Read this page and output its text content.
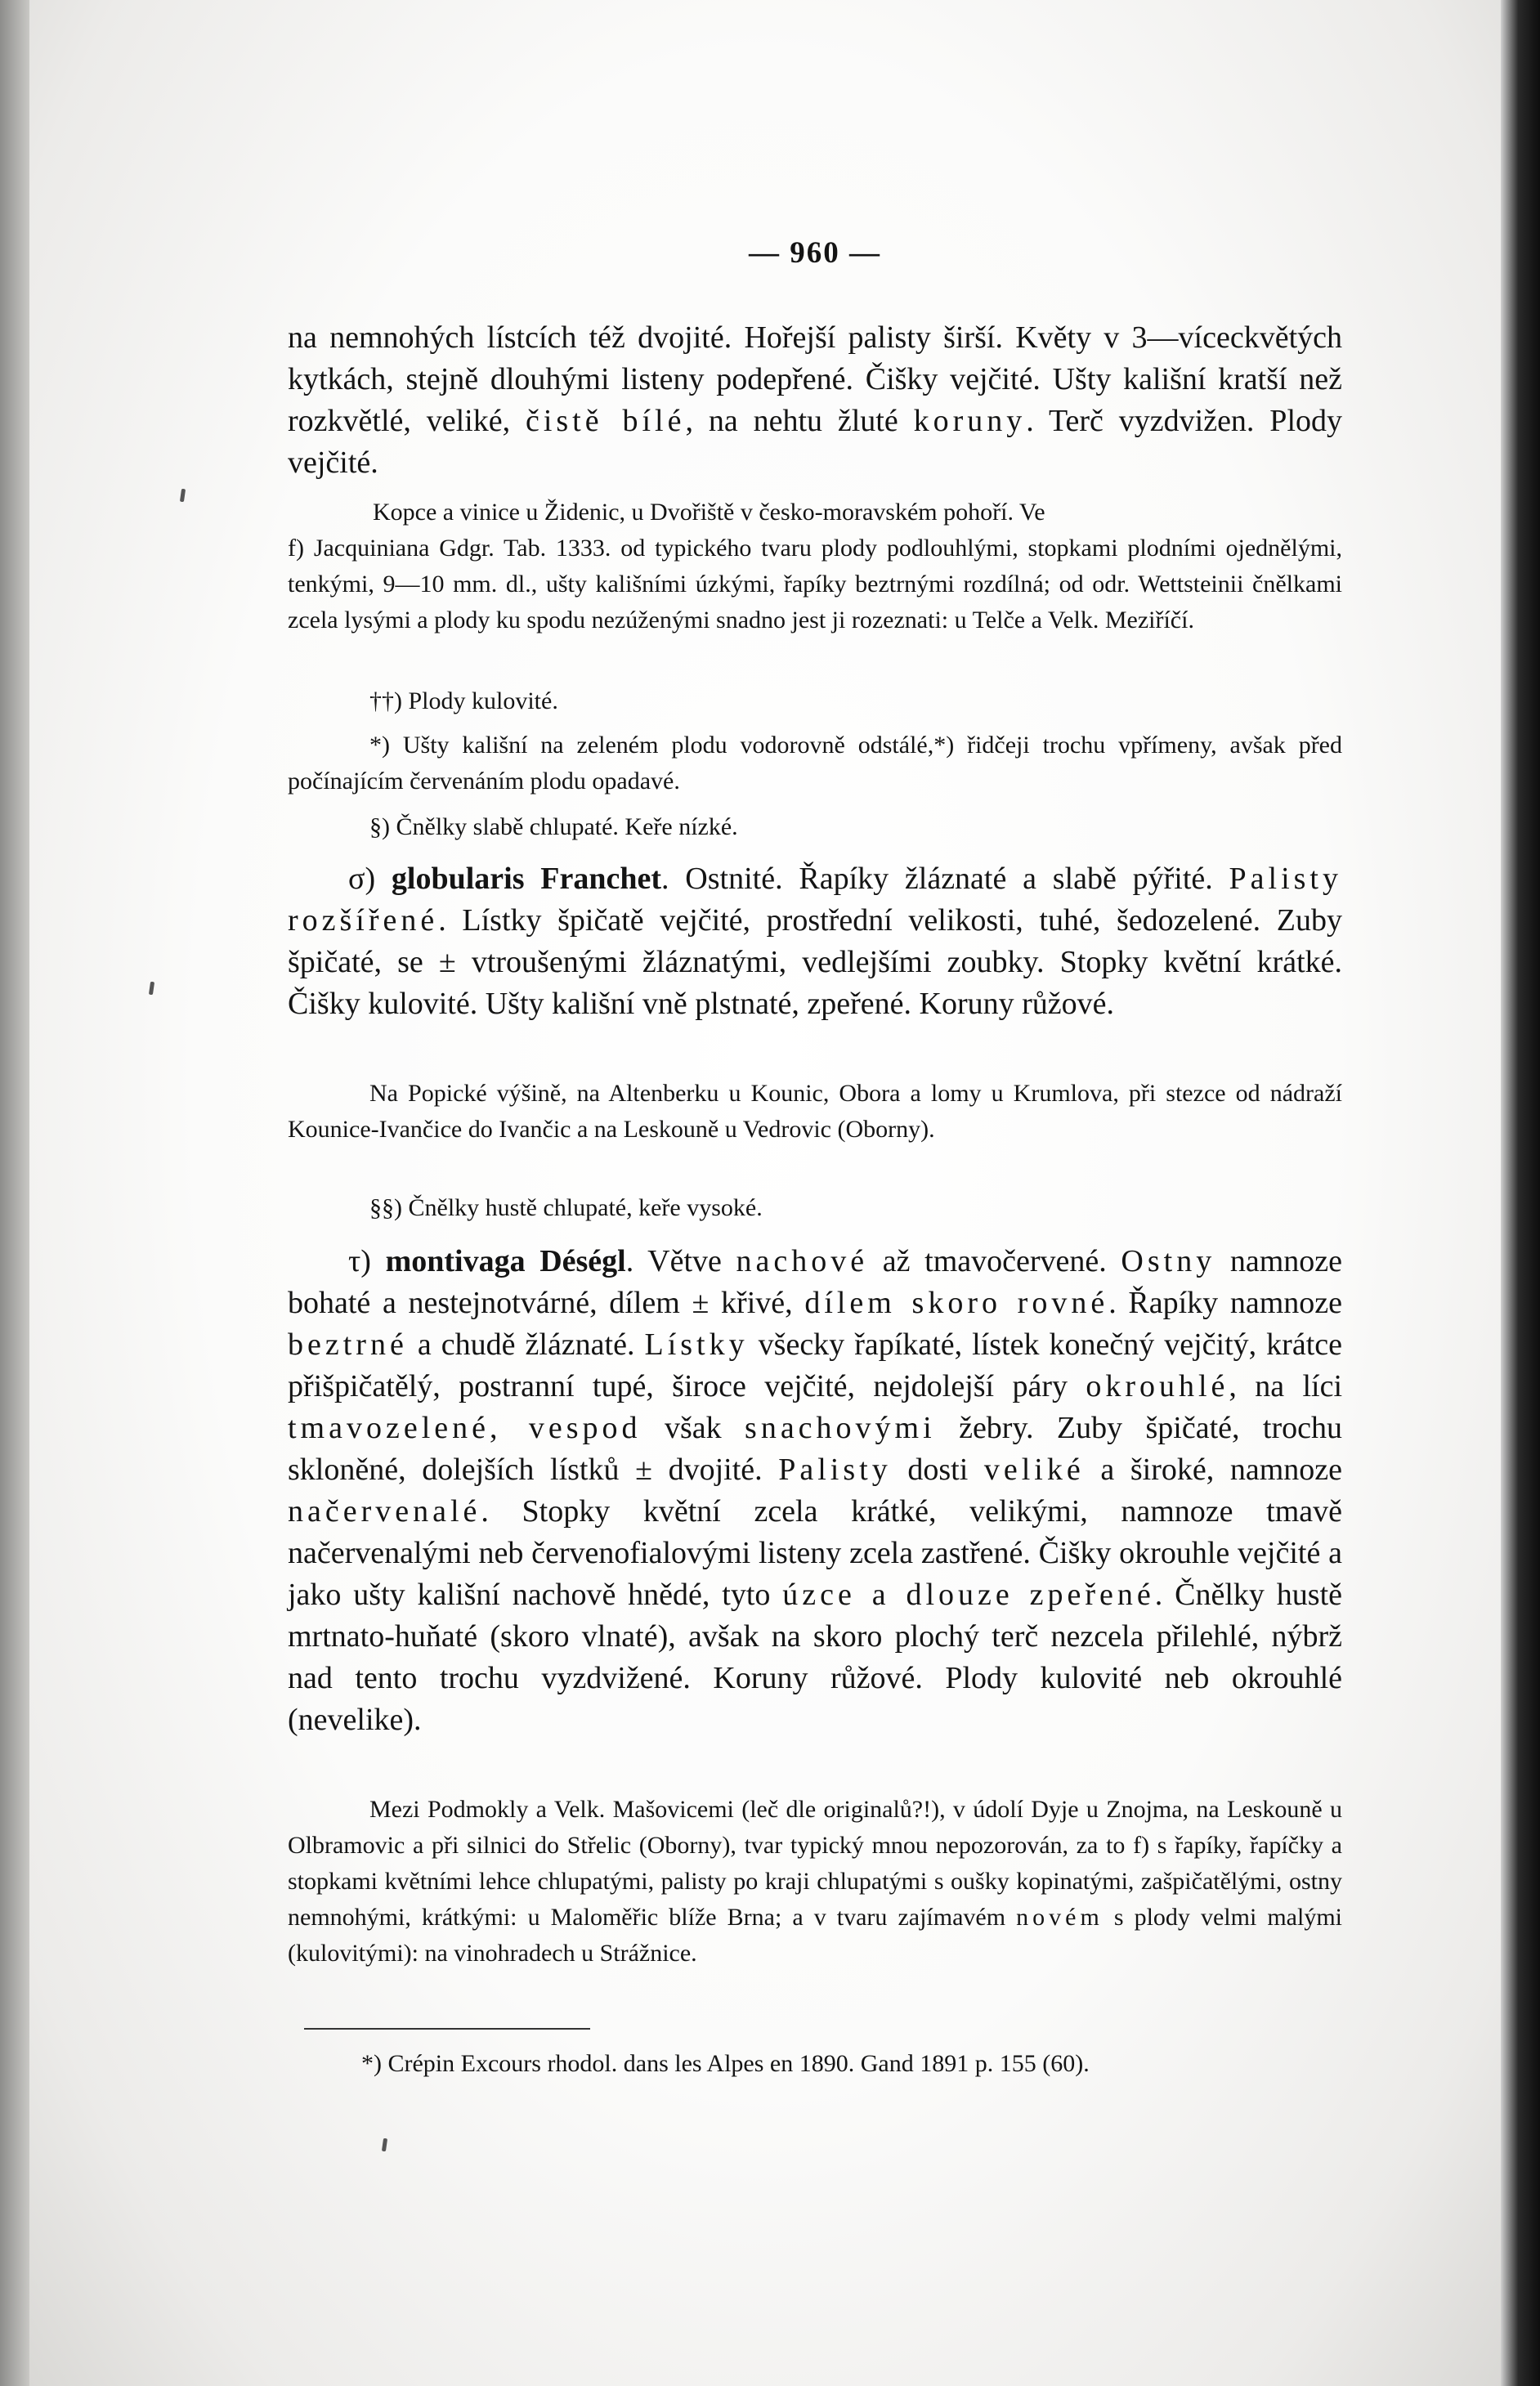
— 960 —

na nemnohých lístcích též dvojité. Hořejší palisty širší. Květy v 3—víceckvětých kytkách, stejně dlouhými listeny podepřené. Čišky vejčité. Ušty kališní kratší než rozkvětlé, veliké, čistě bílé, na nehtu žluté koruny. Terč vyzdvižen. Plody vejčité.

Kopce a vinice u Židenic, u Dvořiště v česko-moravském pohoří. Ve

f) Jacquiniana Gdgr. Tab. 1333. od typického tvaru plody podlouhlými, stopkami plodními ojednělými, tenkými, 9—10 mm. dl., ušty kališními úzkými, řapíky beztrnými rozdílná; od odr. Wettsteinii čnělkami zcela lysými a plody ku spodu nezúženými snadno jest ji rozeznati: u Telče a Velk. Meziříčí.

††) Plody kulovité.

*) Ušty kališní na zeleném plodu vodorovně odstálé,*) řidčeji trochu vpřímeny, avšak před počínajícím červenáním plodu opadavé.

§) Čnělky slabě chlupaté. Keře nízké.

σ) globularis Franchet. Ostnité. Řapíky žláznaté a slabě pýřité. Palisty rozšířené. Lístky špičatě vejčité, prostřední velikosti, tuhé, šedozelené. Zuby špičaté, se ± vtroušenými žláznatými, vedlejšími zoubky. Stopky květní krátké. Čišky kulovité. Ušty kališní vně plstnaté, zpeřené. Koruny růžové.

Na Popické výšině, na Altenberku u Kounic, Obora a lomy u Krumlova, při stezce od nádraží Kounice-Ivančice do Ivančic a na Leskouně u Vedrovic (Oborny).

§§) Čnělky hustě chlupaté, keře vysoké.

τ) montivaga Déségl. Větve nachové až tmavočervené. Ostny namnoze bohaté a nestejnotvárné, dílem ± křivé, dílem skoro rovné. Řapíky namnoze beztrné a chudě žláznaté. Lístky všecky řapíkaté, lístek konečný vejčitý, krátce přišpičatělý, postranní tupé, široce vejčité, nejdolejší páry okrouhlé, na líci tmavozelené, vespod však snachovými žebry. Zuby špičaté, trochu skloněné, dolejších lístků ± dvojité. Palisty dosti veliké a široké, namnoze načervenalé. Stopky květní zcela krátké, velikými, namnoze tmavě načervenalými neb červenofialovými listeny zcela zastřené. Čišky okrouhle vejčité a jako ušty kališní nachově hnědé, tyto úzce a dlouze zpeřené. Čnělky hustě mrtnato-huňaté (skoro vlnaté), avšak na skoro plochý terč nezcela přilehlé, nýbrž nad tento trochu vyzdvižené. Koruny růžové. Plody kulovité neb okrouhlé (nevelike).

Mezi Podmokly a Velk. Mašovicemi (leč dle originalů?!), v údolí Dyje u Znojma, na Leskouně u Olbramovic a při silnici do Střelic (Oborny), tvar typický mnou nepozorován, za to f) s řapíky, řapíčky a stopkami květními lehce chlupatými, palisty po kraji chlupatými s oušky kopinatými, zašpičatělými, ostny nemnohými, krátkými: u Maloměřic blíže Brna; a v tvaru zajímavém novém s plody velmi malými (kulovitými): na vinohradech u Strážnice.

*) Crépin Excours rhodol. dans les Alpes en 1890. Gand 1891 p. 155 (60).
